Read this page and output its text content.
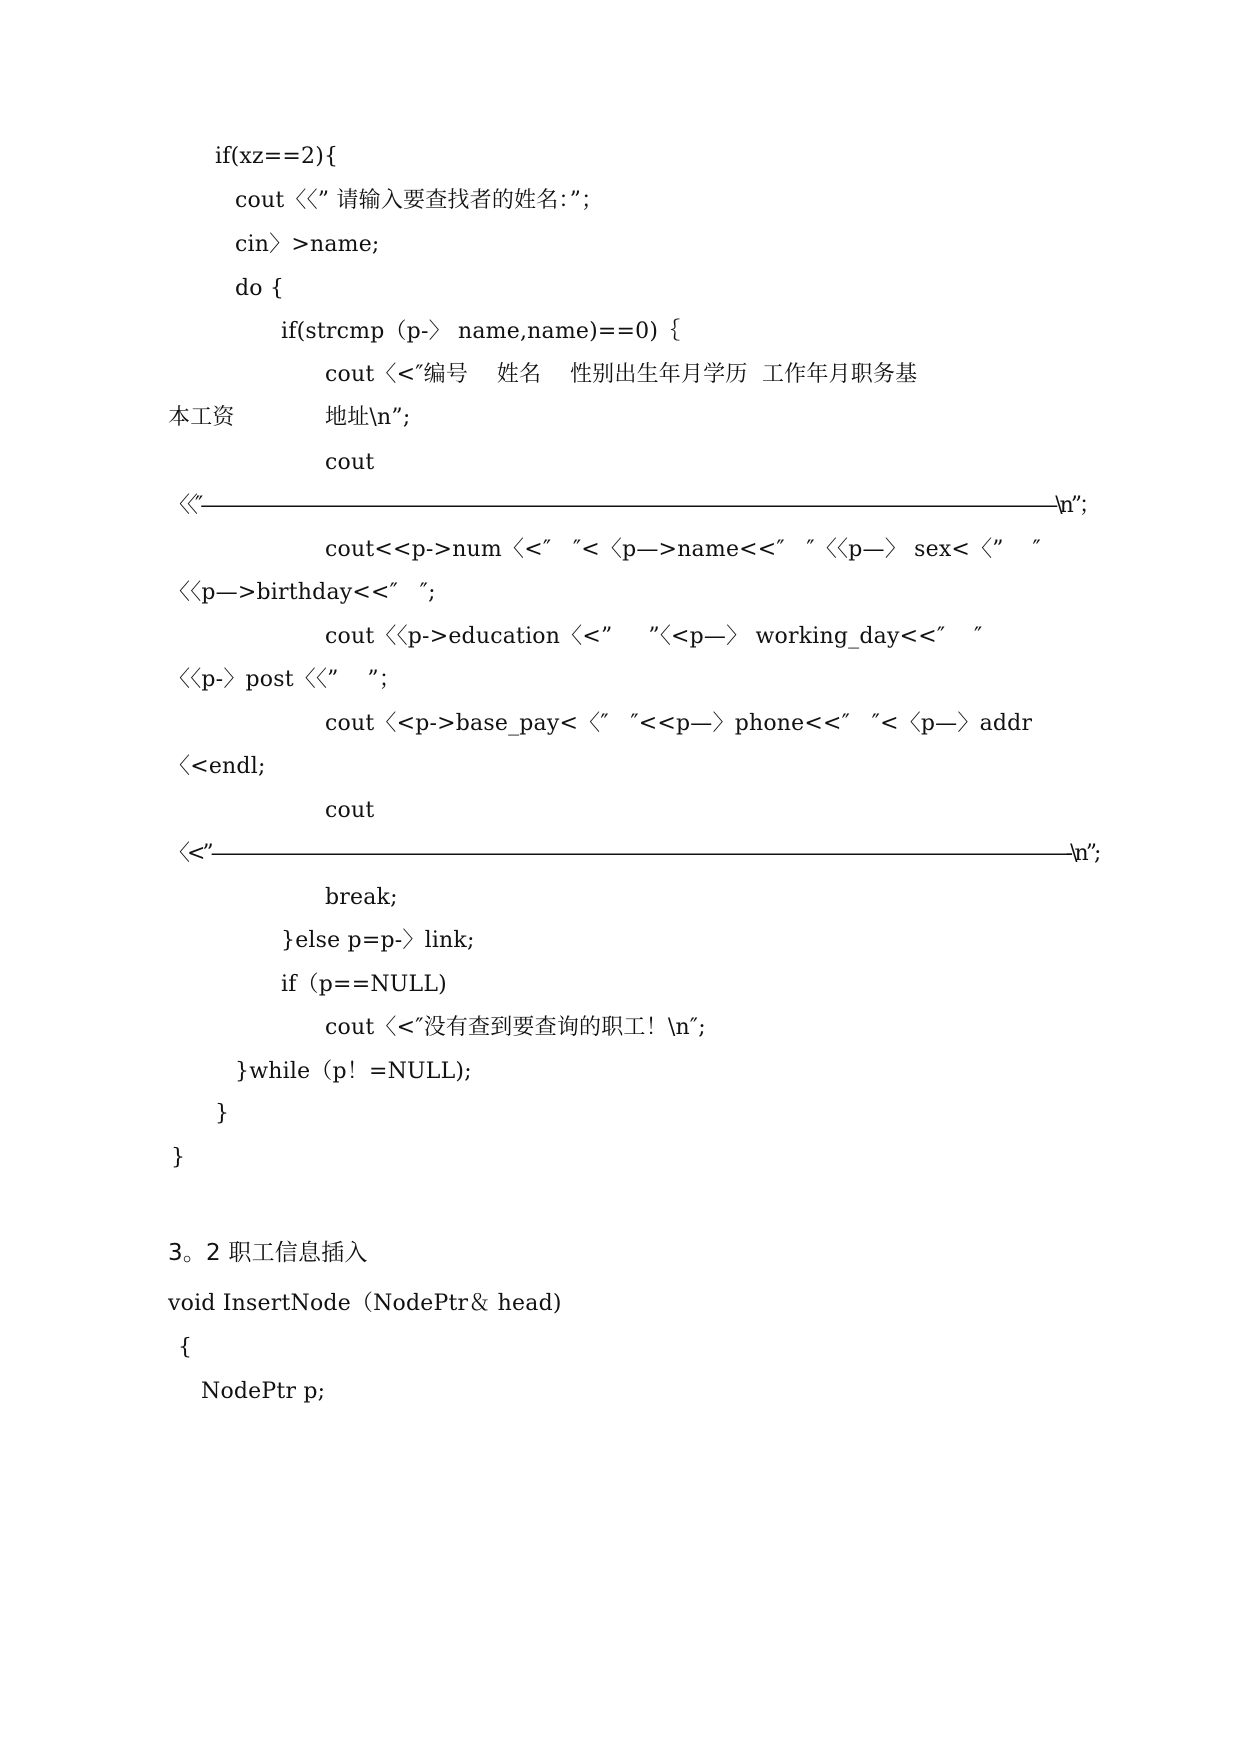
if(xz==2){
cout〈〈” 请输入要查找者的姓名：”；
cin〉>name;
do {
if(strcmp（p-〉 name,name)==0)｛
cout〈<″编号    姓名    性别出生年月学历  工作年月职务基
本工资	地址\n”;
cout
〈〈″—————————————————————————————————————————————\n”；
cout<<p->num〈<″   ″<〈p—>name<<″   ″〈〈p—〉 sex<〈”    ″
〈〈p—>birthday<<″   ″;
cout〈〈p->education〈<”     ”〈<p—〉 working_day<<″    ″
〈〈p-〉post〈〈”    ”；
cout〈<p->base_pay<〈″   ″<<p—〉phone<<″   ″<〈p—〉addr
〈<endl;
cout
〈<”—————————————————————————————————————————————-\n”;
break;
}else p=p-〉link;
if（p==NULL)
cout〈<″没有查到要查询的职工！\n″;
}while（p！=NULL);
}
}
3。2 职工信息插入
void InsertNode（NodePtr＆ head)
{
NodePtr p;
